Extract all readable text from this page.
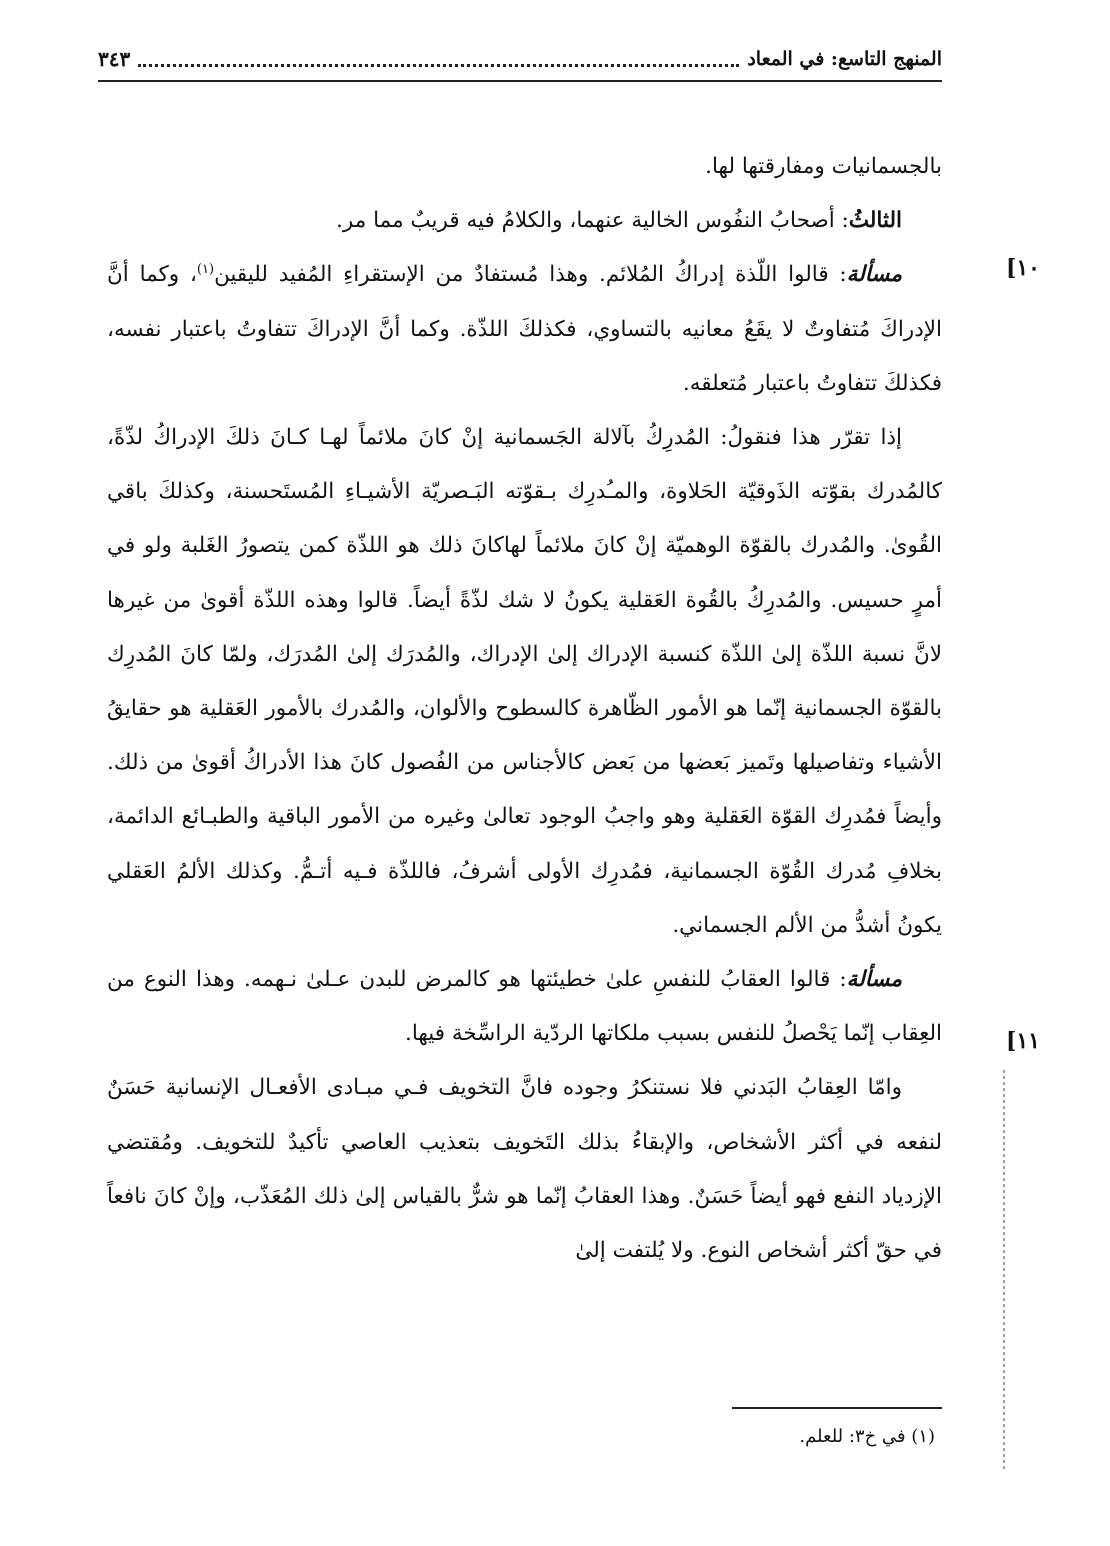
المنهج التاسع: في المعاد
٣٤٣
١٠]
١١]

بالجسمانيات ومفارقتها لها.

الثالثُ: أصحابُ النفُوس الخالية عنهما، والكلامُ فيه قريبٌ مما مر.

مسألة: قالوا اللّذة إدراكُ المُلائم. وهذا مُستفادٌ من الإستقراءِ المُفيد لليقين$^{(١)}$، وكما أنَّ الإدراكَ مُتفاوتٌ لا يقَعُ معانيه بالتساوي، فكذلكَ اللذّة. وكما أنَّ الإدراكَ تتفاوتُ باعتبار نفسه، فكذلكَ تتفاوتُ باعتبار مُتعلقه.

إذا تقرّر هذا فنقولُ: المُدرِكُ بآلالة الجَسمانية إنْ كانَ ملائماً لهـا كـانَ ذلكَ الإدراكُ لذّةً، كالمُدرك بقوّته الذَوقيّة الحَلاوة، والمـُدرِك بـقوّته البَـصريّة الأشيـاءِ المُستَحسنة، وكذلكَ باقي القُوىٰ. والمُدرك بالقوّة الوهميّة إنْ كانَ ملائماً لهاكانَ ذلك هو اللذّة كمن يتصورُ الغَلبة ولو في أمرٍ حسيس. والمُدرِكُ بالقُوة العَقلية يكونُ لا شك لذّةً أيضاً. قالوا وهذه اللذّة أقوىٰ من غيرها لانَّ نسبة اللذّة إلىٰ اللذّة كنسبة الإدراك إلىٰ الإدراك، والمُدرَك إلىٰ المُدرَك، ولمّا كانَ المُدرِك بالقوّة الجسمانية إنّما هو الأمور الظّاهرة كالسطوح والألوان، والمُدرك بالأمور العَقلية هو حقايقُ الأشياء وتفاصيلها وتَميز بَعضها من بَعض كالأجناس من الفُصول كانَ هذا الأدراكُ أقوىٰ من ذلك. وأيضاً فمُدرِك القوّة العَقلية وهو واجبُ الوجود تعالىٰ وغيره من الأمور الباقية والطبـائع الدائمة، بخلافِ مُدرك القُوّة الجسمانية، فمُدرِك الأولى أشرفُ، فاللذّة فـيه أتـمُّ. وكذلك الألمُ العَقلي يكونُ أشدُّ من الألم الجسماني.

مسألة: قالوا العقابُ للنفسِ علىٰ خطيئتها هو كالمرض للبدن عـلىٰ نـهمه. وهذا النوع من العِقاب إنّما يَحْصلُ للنفس بسبب ملكاتها الردّية الراسِّخة فيها.

وامّا العِقابُ البَدني فلا نستنكرُ وجوده فانَّ التخويف فـي مبـادى الأفعـال الإنسانية حَسَنٌ لنفعه في أكثر الأشخاص، والإبقاءُ بذلك التَخويف بتعذيب العاصي تأكيدٌ للتخويف. ومُقتضي الإزدياد النفع فهو أيضاً حَسَنٌ. وهذا العقابُ إنّما هو شرٌّ بالقياس إلىٰ ذلك المُعَذّب، وإنْ كانَ نافعاً في حقّ أكثر أشخاص النوع. ولا يُلتفت إلىٰ

(١) في خ٣: للعلم.
